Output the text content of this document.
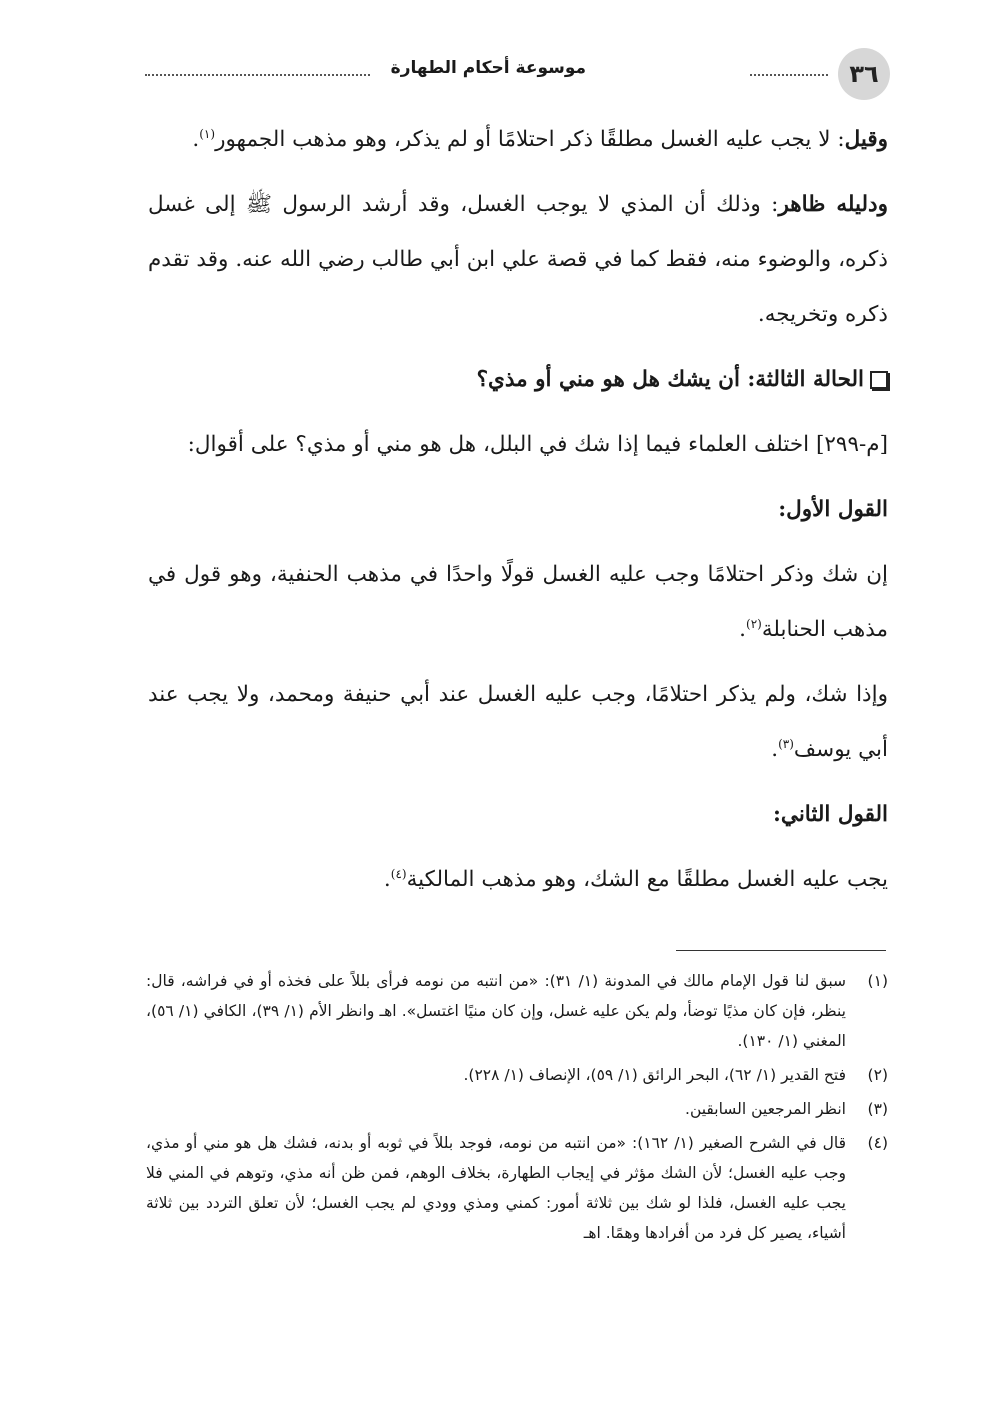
موسوعة أحكام الطهارة	٣٦

وقيل: لا يجب عليه الغسل مطلقًا ذكر احتلامًا أو لم يذكر، وهو مذهب الجمهور$^{(١)}$.

ودليله ظاهر: وذلك أن المذي لا يوجب الغسل، وقد أرشد الرسول ﷺ إلى غسل ذكره، والوضوء منه، فقط كما في قصة علي ابن أبي طالب رضي الله عنه. وقد تقدم ذكره وتخريجه.

الحالة الثالثة: أن يشك هل هو مني أو مذي؟

[م-٢٩٩] اختلف العلماء فيما إذا شك في البلل، هل هو مني أو مذي؟ على أقوال:

القول الأول:

إن شك وذكر احتلامًا وجب عليه الغسل قولًا واحدًا في مذهب الحنفية، وهو قول في مذهب الحنابلة$^{(٢)}$.

وإذا شك، ولم يذكر احتلامًا، وجب عليه الغسل عند أبي حنيفة ومحمد، ولا يجب عند أبي يوسف$^{(٣)}$.

القول الثاني:

يجب عليه الغسل مطلقًا مع الشك، وهو مذهب المالكية$^{(٤)}$.

(١)
سبق لنا قول الإمام مالك في المدونة (١/ ٣١): «من انتبه من نومه فرأى بللاً على فخذه أو في فراشه، قال: ينظر، فإن كان مذيًا توضأ، ولم يكن عليه غسل، وإن كان منيًا اغتسل». اهـ وانظر الأم (١/ ٣٩)، الكافي (١/ ٥٦)، المغني (١/ ١٣٠).
(٢)
فتح القدير (١/ ٦٢)، البحر الرائق (١/ ٥٩)، الإنصاف (١/ ٢٢٨).
(٣)
انظر المرجعين السابقين.
(٤)
قال في الشرح الصغير (١/ ١٦٢): «من انتبه من نومه، فوجد بللاً في ثوبه أو بدنه، فشك هل هو مني أو مذي، وجب عليه الغسل؛ لأن الشك مؤثر في إيجاب الطهارة، بخلاف الوهم، فمن ظن أنه مذي، وتوهم في المني فلا يجب عليه الغسل، فلذا لو شك بين ثلاثة أمور: كمني ومذي وودي لم يجب الغسل؛ لأن تعلق التردد بين ثلاثة أشياء، يصير كل فرد من أفرادها وهمًا. اهـ
